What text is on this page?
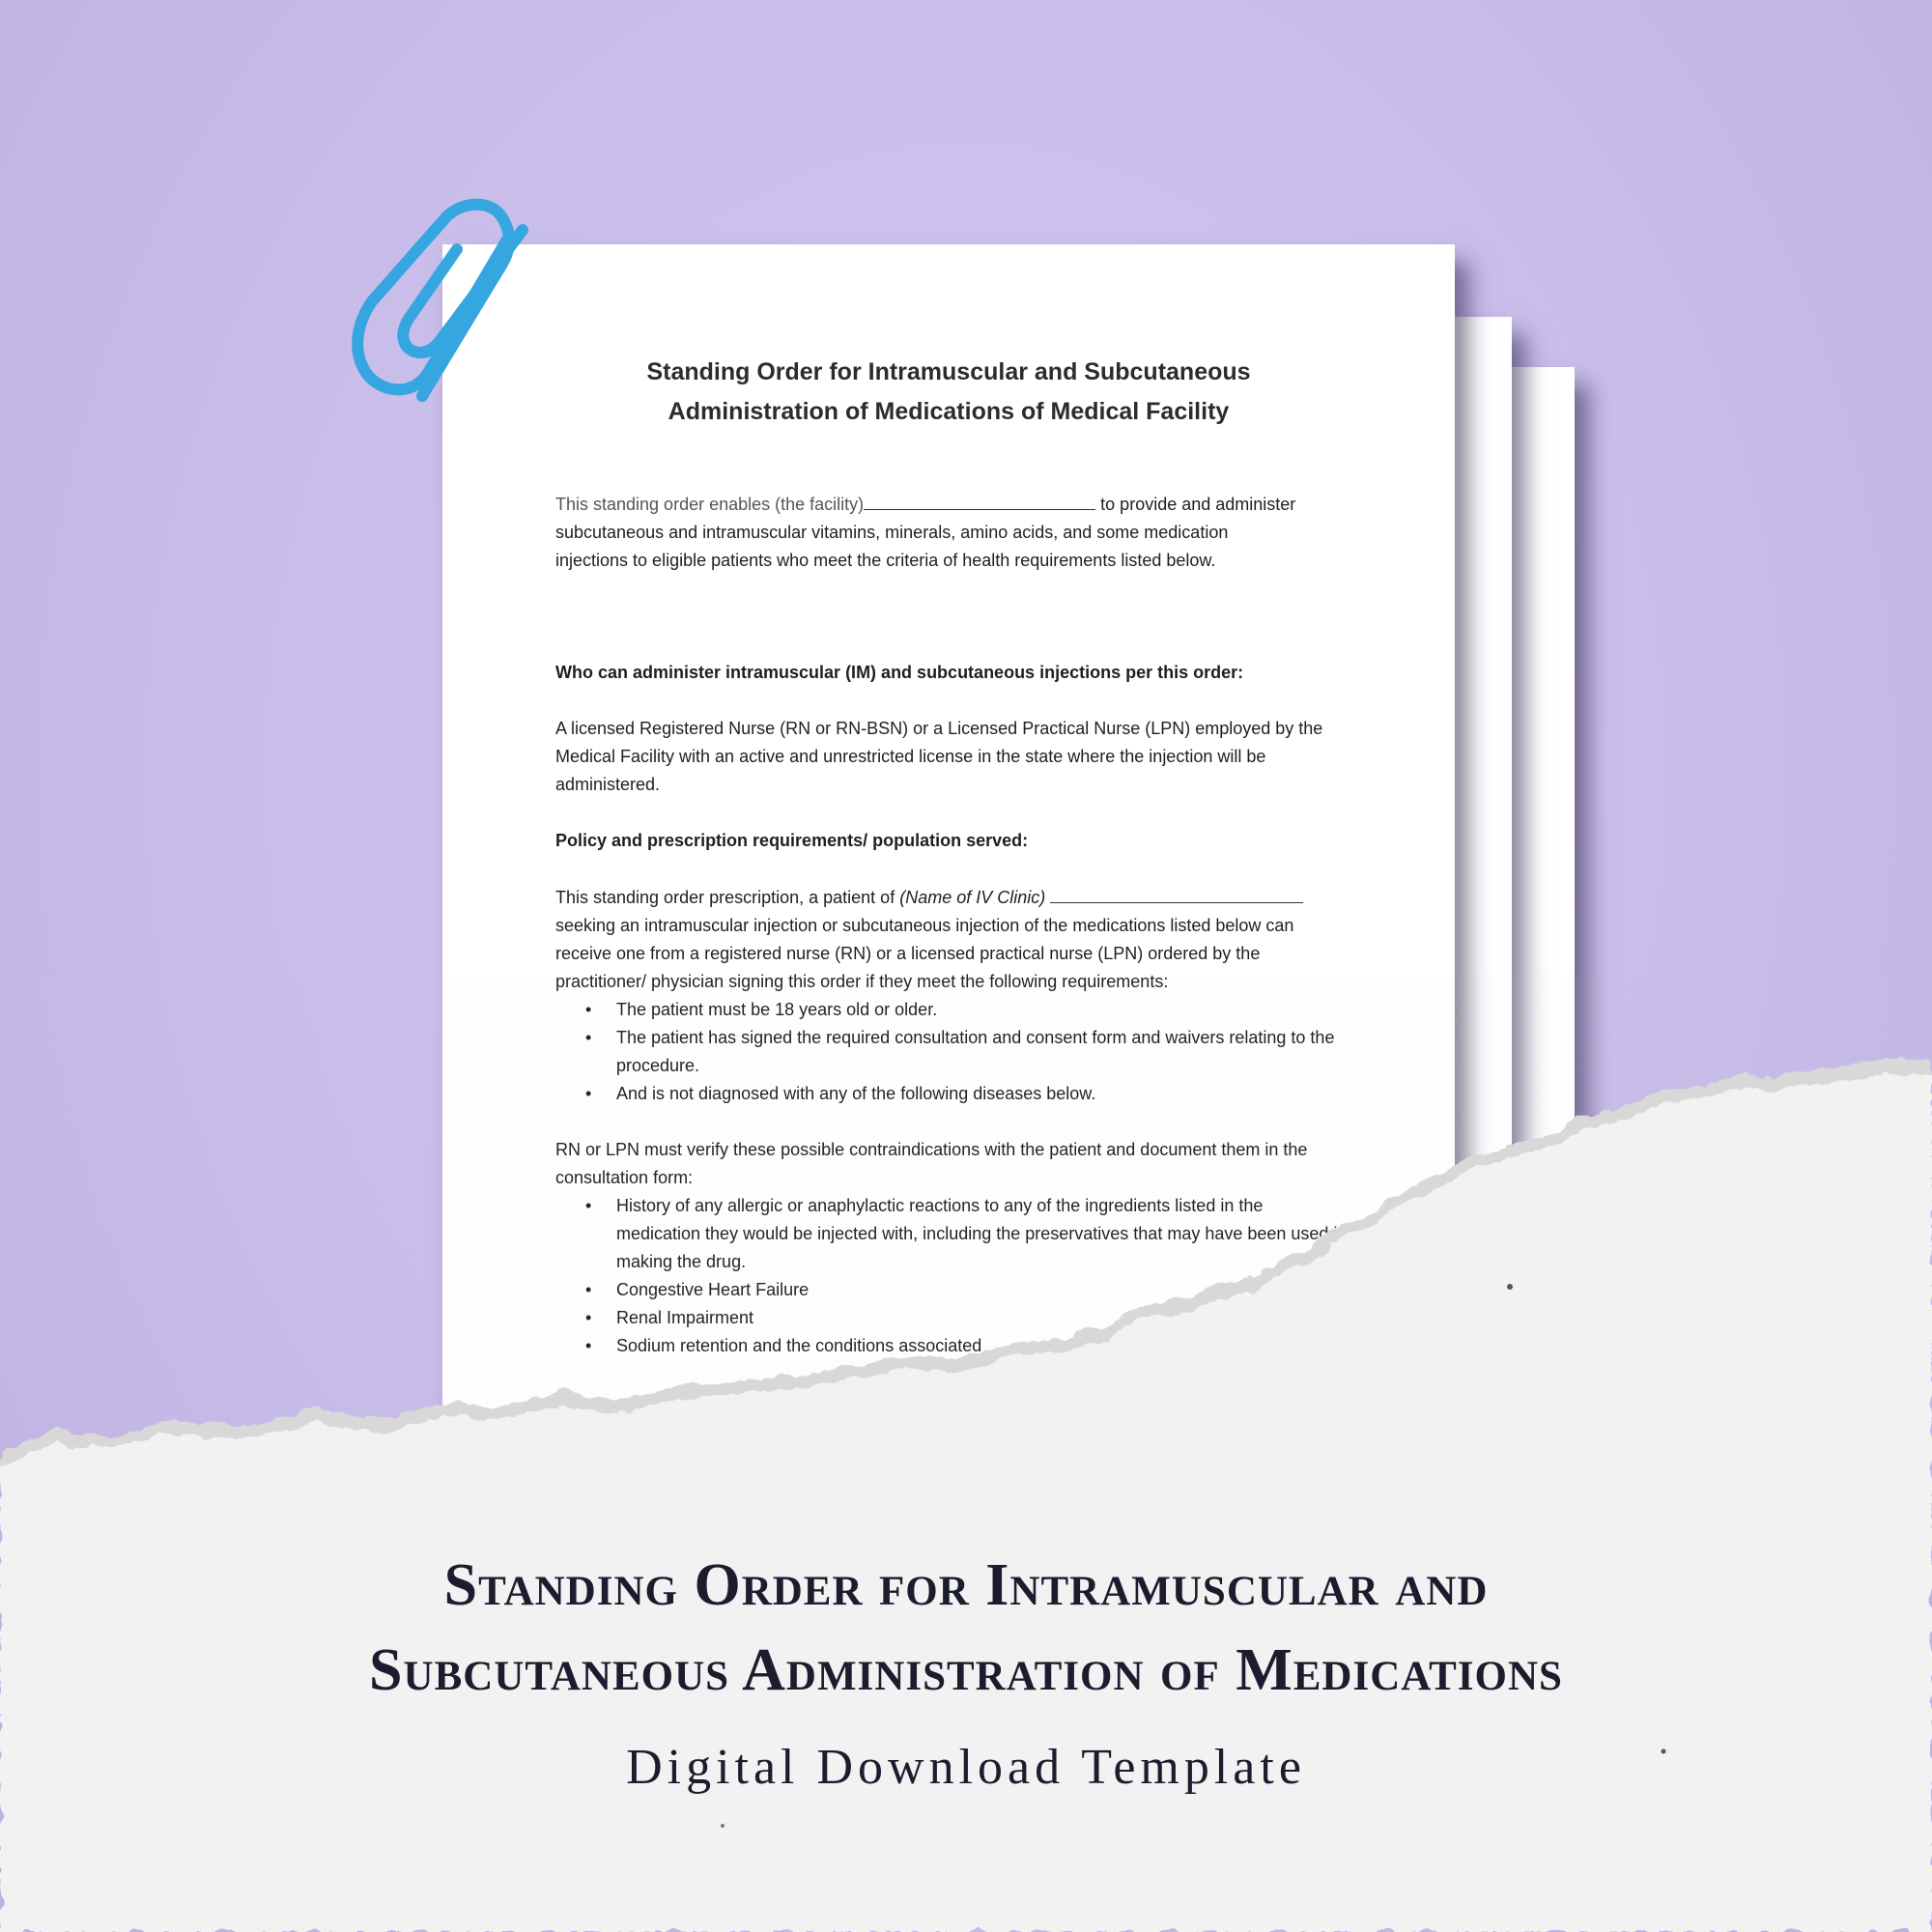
Standing Order for Intramuscular and Subcutaneous
Administration of Medications of Medical Facility

This standing order enables (the facility)	to provide and administer

subcutaneous and intramuscular vitamins, minerals, amino acids, and some medication

injections to eligible patients who meet the criteria of health requirements listed below.

Who can administer intramuscular (IM) and subcutaneous injections per this order:

A licensed Registered Nurse (RN or RN-BSN) or a Licensed Practical Nurse (LPN) employed by the Medical Facility with an active and unrestricted license in the state where the injection will be administered.

Policy and prescription requirements/ population served:

This standing order prescription, a patient of (Name of IV Clinic)

seeking an intramuscular injection or subcutaneous injection of the medications listed below can receive one from a registered nurse (RN) or a licensed practical nurse (LPN) ordered by the practitioner/ physician signing this order if they meet the following requirements:

• The patient must be 18 years old or older.
• The patient has signed the required consultation and consent form and waivers relating to the
•

•
•
•
•
Standing Order for Intramuscular and
Subcutaneous Administration of Medications
Digital Download Template
